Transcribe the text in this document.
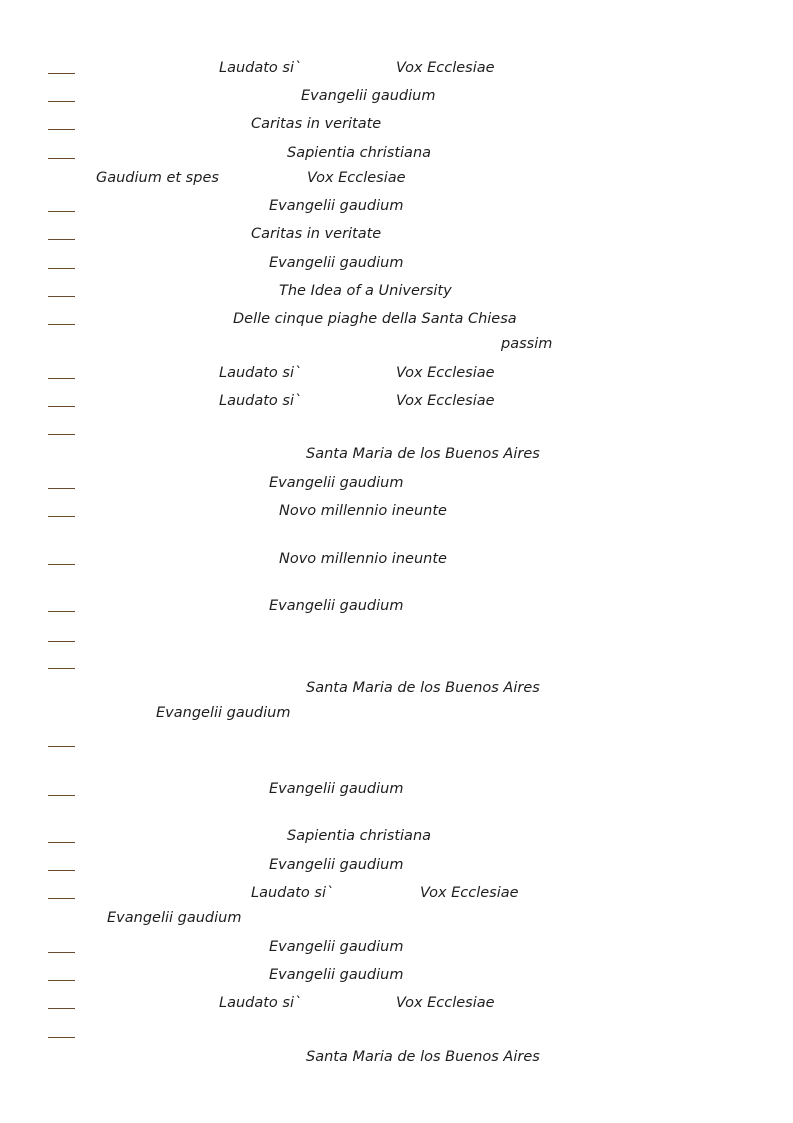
Laudato si`	Vox Ecclesiae
Evangelii gaudium
Caritas in veritate
Sapientia christiana
Gaudium et spes	Vox Ecclesiae
Evangelii gaudium
Caritas in veritate
Evangelii gaudium
The Idea of a University
Delle cinque piaghe della Santa Chiesa
passim
Laudato si`	Vox Ecclesiae
Laudato si`	Vox Ecclesiae
Santa Maria de los Buenos Aires
Evangelii gaudium
Novo millennio ineunte
Novo millennio ineunte
Evangelii gaudium
Santa Maria de los Buenos Aires
Evangelii gaudium
Evangelii gaudium
Sapientia christiana
Evangelii gaudium
Laudato si`	Vox Ecclesiae
Evangelii gaudium
Evangelii gaudium
Evangelii gaudium
Laudato si`	Vox Ecclesiae
Santa Maria de los Buenos Aires
